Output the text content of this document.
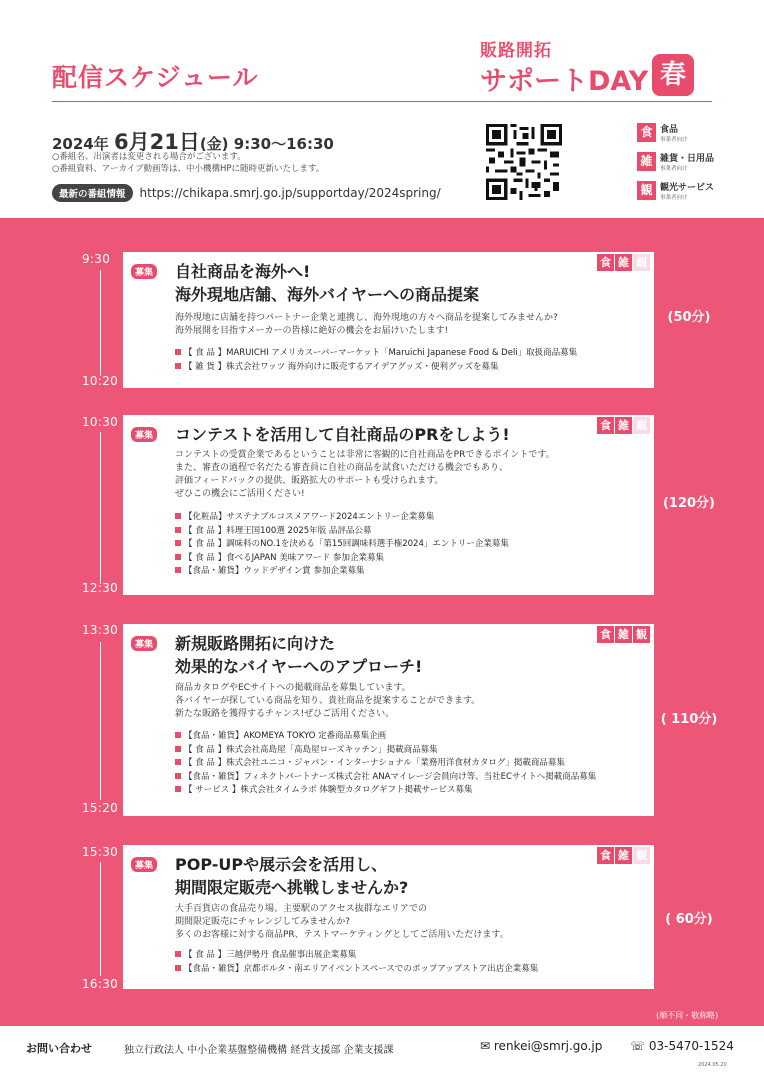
配信スケジュール
販路開拓
サポートDAY 春
2024年 6月21日(金) 9:30〜16:30
○番組名、出演者は変更される場合がございます。
○番組資料、アーカイブ動画等は、中小機構HPに随時更新いたします。
最新の番組情報	https://chikapa.smrj.go.jp/supportday/2024spring/
食 食品
事業者向け
雑 雑貨・日用品
事業者向け
観 観光サービス
事業者向け
9:30
10:20
募集
食 雑 観
自社商品を海外へ!
海外現地店舗、海外バイヤーへの商品提案
海外現地に店舗を持つパートナー企業と連携し、海外現地の方々へ商品を提案してみませんか?
海外展開を目指すメーカーの皆様に絶好の機会をお届けいたします!
【 食 品 】MARUICHI アメリカスーパーマーケット「Maruichi Japanese Food & Deli」取扱商品募集
【 雑 貨 】株式会社ワッツ 海外向けに販売するアイデアグッズ・便利グッズを募集
(50分)
10:30
12:30
募集
食 雑 観
コンテストを活用して自社商品のPRをしよう!
コンテストの受賞企業であるということは非常に客観的に自社商品をPRできるポイントです。
また、審査の過程で名だたる審査員に自社の商品を試食いただける機会でもあり、
評価フィードバックの提供、販路拡大のサポートも受けられます。
ぜひこの機会にご活用ください!
【化粧品】サステナブルコスメアワード2024エントリー企業募集
【 食 品 】料理王国100選 2025年版 品評品公募
【 食 品 】調味料のNO.1を決める「第15回調味料選手権2024」エントリー企業募集
【 食 品 】食べるJAPAN 美味アワード 参加企業募集
【食品・雑貨】ウッドデザイン賞 参加企業募集
(120分)
13:30
15:20
募集
食 雑 観
新規販路開拓に向けた
効果的なバイヤーへのアプローチ!
商品カタログやECサイトへの掲載商品を募集しています。
各バイヤーが探している商品を知り、貴社商品を提案することができます。
新たな販路を獲得するチャンス!ぜひご活用ください。
【食品・雑貨】AKOMEYA TOKYO 定番商品募集企画
【 食 品 】株式会社髙島屋「髙島屋ローズキッチン」掲載商品募集
【 食 品 】株式会社ユニコ・ジャパン・インターナショナル「業務用洋食材カタログ」掲載商品募集
【食品・雑貨】フィネクトパートナーズ株式会社 ANAマイレージ会員向け等、当社ECサイトへ掲載商品募集
【 サービス 】株式会社タイムラボ 体験型カタログギフト掲載サービス募集
( 110分)
15:30
16:30
募集
食 雑 観
POP-UPや展示会を活用し、
期間限定販売へ挑戦しませんか?
大手百貨店の食品売り場、主要駅のアクセス抜群なエリアでの
期間限定販売にチャレンジしてみませんか?
多くのお客様に対する商品PR、テストマーケティングとしてご活用いただけます。
【 食 品 】三越伊勢丹 食品催事出展企業募集
【食品・雑貨】京都ポルタ・南エリアイベントスペースでのポップアップストア出店企業募集
( 60分)
(順不同・敬称略)
お問い合わせ	独立行政法人 中小企業基盤整備機構 経営支援部 企業支援課	✉ renkei@smrj.go.jp ☏ 03-5470-1524
2024.05.20
